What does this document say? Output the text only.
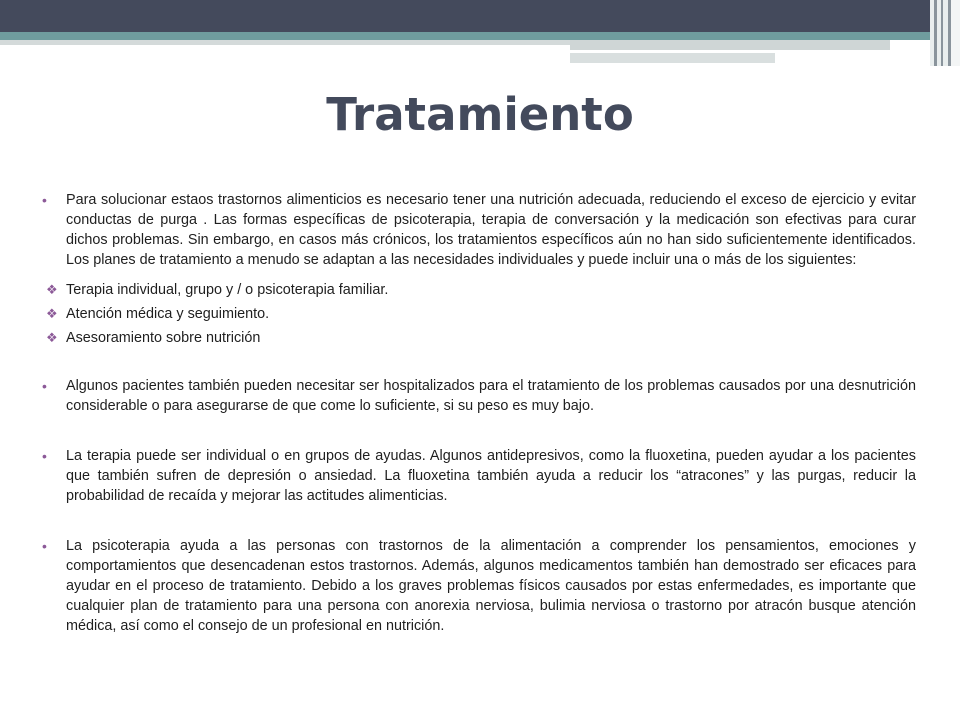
Tratamiento
• Para solucionar estaos trastornos alimenticios es necesario tener una nutrición adecuada, reduciendo el exceso de ejercicio y evitar conductas de purga . Las formas específicas de psicoterapia, terapia de conversación y la medicación son efectivas para curar dichos problemas. Sin embargo, en casos más crónicos, los tratamientos específicos aún no han sido suficientemente identificados. Los planes de tratamiento a menudo se adaptan a las necesidades individuales y puede incluir una o más de los siguientes:
❖ Terapia individual, grupo y / o psicoterapia familiar.
❖ Atención médica y seguimiento.
❖ Asesoramiento sobre nutrición
• Algunos pacientes también pueden necesitar ser hospitalizados para el tratamiento de los problemas causados por una desnutrición considerable o para asegurarse de que come lo suficiente, si su peso es muy bajo.
• La terapia puede ser individual o en grupos de ayudas. Algunos antidepresivos, como la fluoxetina, pueden ayudar a los pacientes que también sufren de depresión o ansiedad. La fluoxetina también ayuda a reducir los “atracones” y las purgas, reducir la probabilidad de recaída y mejorar las actitudes alimenticias.
• La psicoterapia ayuda a las personas con trastornos de la alimentación a comprender los pensamientos, emociones y comportamientos que desencadenan estos trastornos. Además, algunos medicamentos también han demostrado ser eficaces para ayudar en el proceso de tratamiento. Debido a los graves problemas físicos causados por estas enfermedades, es importante que cualquier plan de tratamiento para una persona con anorexia nerviosa, bulimia nerviosa o trastorno por atracón busque atención médica, así como el consejo de un profesional en nutrición.
